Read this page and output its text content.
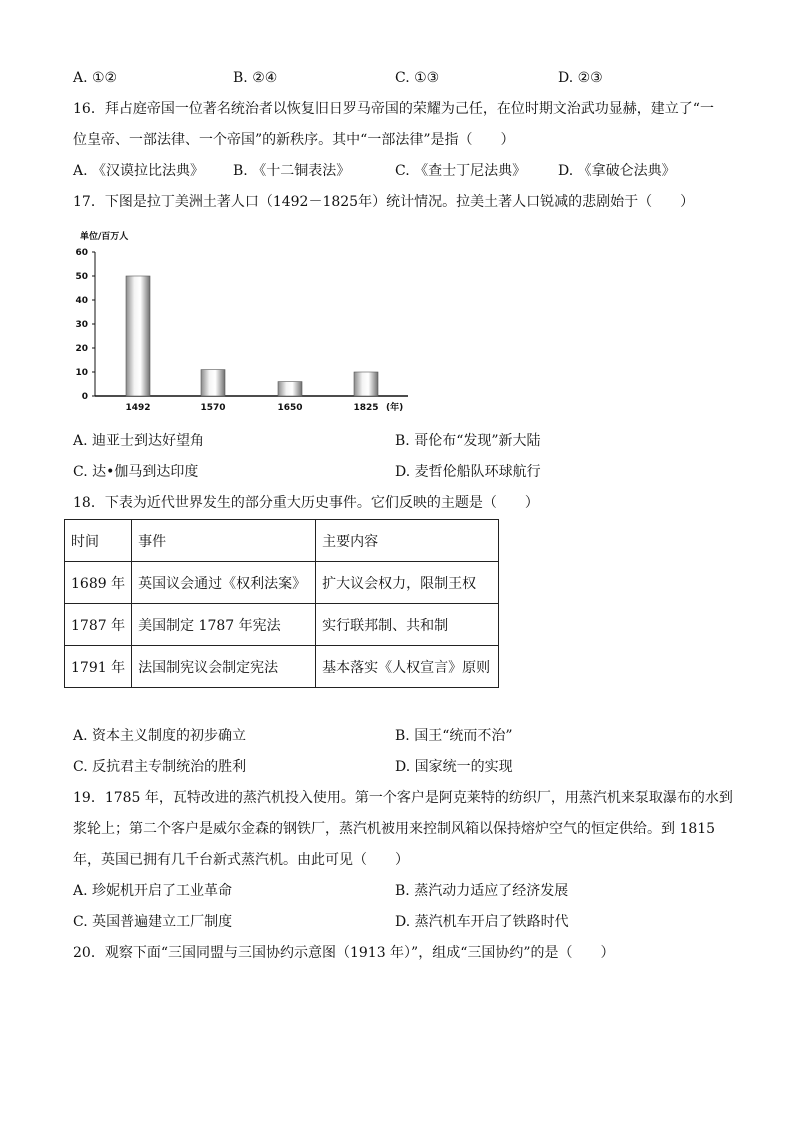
A. ①②	B. ②④	C. ①③	D. ②③
16．拜占庭帝国一位著名统治者以恢复旧日罗马帝国的荣耀为己任，在位时期文治武功显赫，建立了“一
位皇帝、一部法律、一个帝国”的新秩序。其中“一部法律”是指（　　）
A. 《汉谟拉比法典》 B. 《十二铜表法》	C. 《查士丁尼法典》 D. 《拿破仑法典》
17．下图是拉丁美洲土著人口（1492－1825年）统计情况。拉美土著人口锐减的悲剧始于（　　）
单位/百万人
0
10
20
30
40
50
60
1492	1570	1650	1825 (年)
A. 迪亚士到达好望角	B. 哥伦布“发现”新大陆
C. 达•伽马到达印度	D. 麦哲伦船队环球航行
18．下表为近代世界发生的部分重大历史事件。它们反映的主题是（　　）
时间	事件	主要内容
1689 年	英国议会通过《权利法案》	扩大议会权力，限制王权
1787 年	美国制定 1787 年宪法	实行联邦制、共和制
1791 年	法国制宪议会制定宪法	基本落实《人权宣言》原则
A. 资本主义制度的初步确立	B. 国王“统而不治”
C. 反抗君主专制统治的胜利	D. 国家统一的实现
19．1785 年，瓦特改进的蒸汽机投入使用。第一个客户是阿克莱特的纺织厂，用蒸汽机来泵取瀑布的水到
浆轮上；第二个客户是威尔金森的钢铁厂，蒸汽机被用来控制风箱以保持熔炉空气的恒定供给。到 1815
年，英国已拥有几千台新式蒸汽机。由此可见（　　）
A. 珍妮机开启了工业革命	B. 蒸汽动力适应了经济发展
C. 英国普遍建立工厂制度	D. 蒸汽机车开启了铁路时代
20．观察下面“三国同盟与三国协约示意图（1913 年）”，组成“三国协约”的是（　　）
